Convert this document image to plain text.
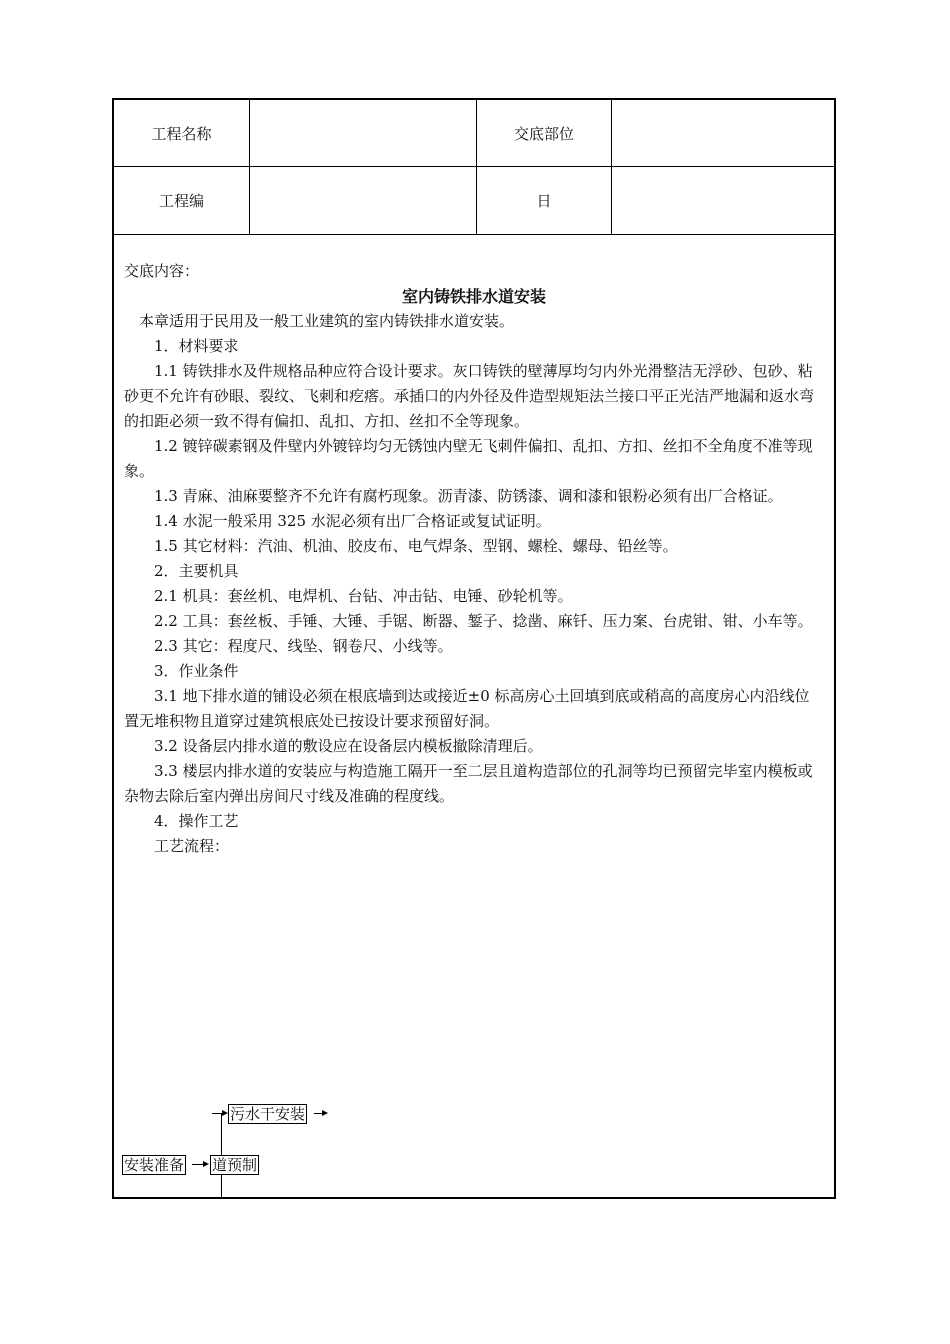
工程名称	交底部位
工程编	日

交底内容：

室内铸铁排水道安装

本章适用于民用及一般工业建筑的室内铸铁排水道安装。

1．材料要求

1.1 铸铁排水及件规格品种应符合设计要求。灰口铸铁的壁薄厚均匀内外光滑整洁无浮砂、包砂、粘砂更不允许有砂眼、裂纹、飞刺和疙瘩。承插口的内外径及件造型规矩法兰接口平正光洁严地漏和返水弯的扣距必须一致不得有偏扣、乱扣、方扣、丝扣不全等现象。

1.2 镀锌碳素钢及件壁内外镀锌均匀无锈蚀内壁无飞刺件偏扣、乱扣、方扣、丝扣不全角度不准等现象。

1.3 青麻、油麻要整齐不允许有腐朽现象。沥青漆、防锈漆、调和漆和银粉必须有出厂合格证。

1.4 水泥一般采用 325 水泥必须有出厂合格证或复试证明。

1.5 其它材料：汽油、机油、胶皮布、电气焊条、型钢、螺栓、螺母、铅丝等。

2．主要机具

2.1 机具：套丝机、电焊机、台钻、冲击钻、电锤、砂轮机等。

2.2 工具：套丝板、手锤、大锤、手锯、断器、錾子、捻凿、麻钎、压力案、台虎钳、钳、小车等。

2.3 其它：程度尺、线坠、钢卷尺、小线等。

3．作业条件

3.1 地下排水道的铺设必须在根底墙到达或接近±0 标高房心土回填到底或稍高的高度房心内沿线位置无堆积物且道穿过建筑根底处已按设计要求预留好洞。

3.2 设备层内排水道的敷设应在设备层内模板撤除清理后。

3.3 楼层内排水道的安装应与构造施工隔开一至二层且道构造部位的孔洞等均已预留完毕室内模板或杂物去除后室内弹出房间尺寸线及准确的程度线。

4．操作工艺

工艺流程：

污水干安装
安装准备 道预制
